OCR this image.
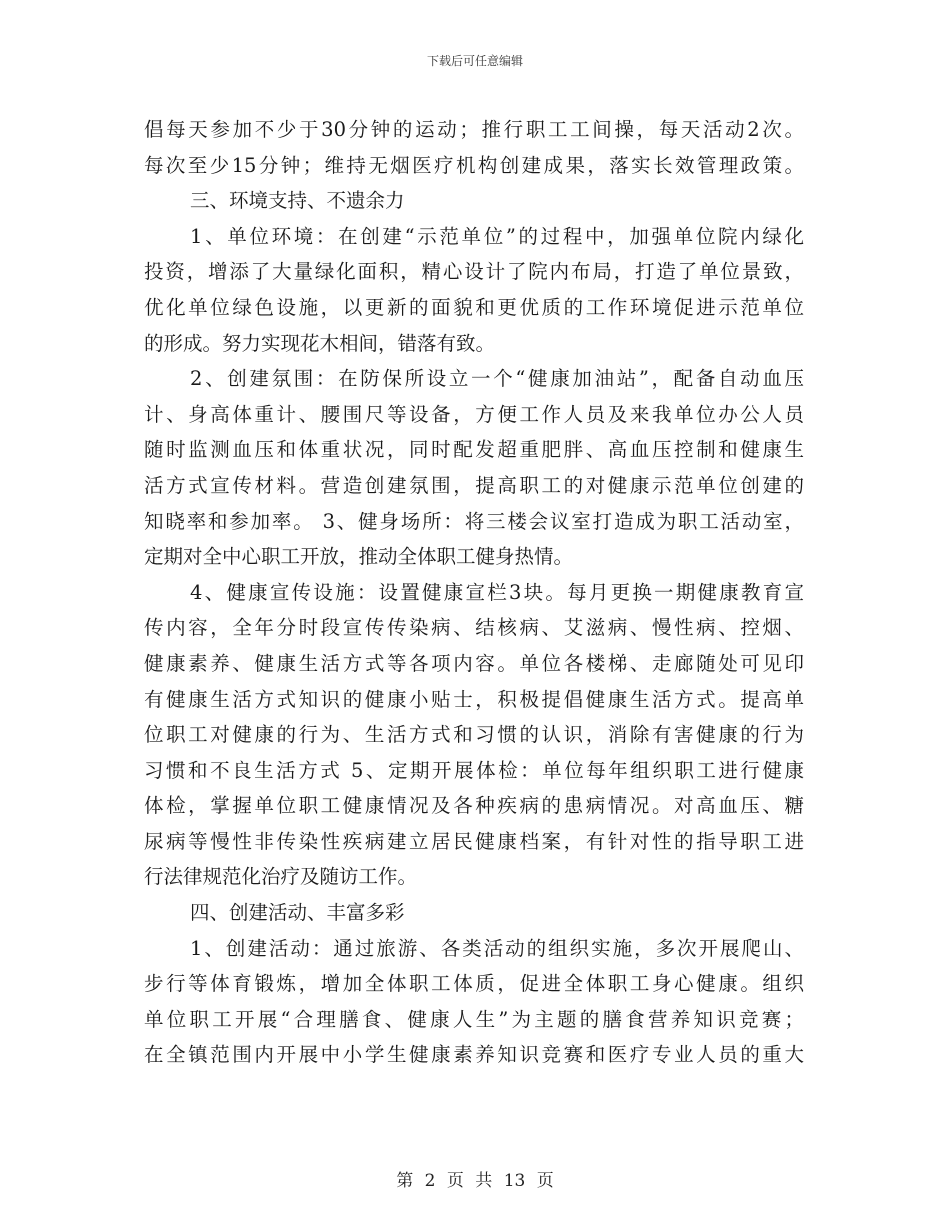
下载后可任意编辑
倡每天参加不少于30分钟的运动；推行职工工间操，每天活动2次。
每次至少15分钟；维持无烟医疗机构创建成果，落实长效管理政策。
三、环境支持、不遗余力
1、单位环境：在创建“示范单位”的过程中，加强单位院内绿化
投资，增添了大量绿化面积，精心设计了院内布局，打造了单位景致，
优化单位绿色设施，以更新的面貌和更优质的工作环境促进示范单位
的形成。努力实现花木相间，错落有致。
2、创建氛围：在防保所设立一个“健康加油站”，配备自动血压
计、身高体重计、腰围尺等设备，方便工作人员及来我单位办公人员
随时监测血压和体重状况，同时配发超重肥胖、高血压控制和健康生
活方式宣传材料。营造创建氛围，提高职工的对健康示范单位创建的
知晓率和参加率。 3、健身场所：将三楼会议室打造成为职工活动室，
定期对全中心职工开放，推动全体职工健身热情。
4、健康宣传设施：设置健康宣栏3块。每月更换一期健康教育宣
传内容，全年分时段宣传传染病、结核病、艾滋病、慢性病、控烟、
健康素养、健康生活方式等各项内容。单位各楼梯、走廊随处可见印
有健康生活方式知识的健康小贴士，积极提倡健康生活方式。提高单
位职工对健康的行为、生活方式和习惯的认识，消除有害健康的行为
习惯和不良生活方式 5、定期开展体检：单位每年组织职工进行健康
体检，掌握单位职工健康情况及各种疾病的患病情况。对高血压、糖
尿病等慢性非传染性疾病建立居民健康档案，有针对性的指导职工进
行法律规范化治疗及随访工作。
四、创建活动、丰富多彩
1、创建活动：通过旅游、各类活动的组织实施，多次开展爬山、
步行等体育锻炼，增加全体职工体质，促进全体职工身心健康。组织
单位职工开展“合理膳食、健康人生”为主题的膳食营养知识竞赛；
在全镇范围内开展中小学生健康素养知识竞赛和医疗专业人员的重大
第 2 页 共 13 页
